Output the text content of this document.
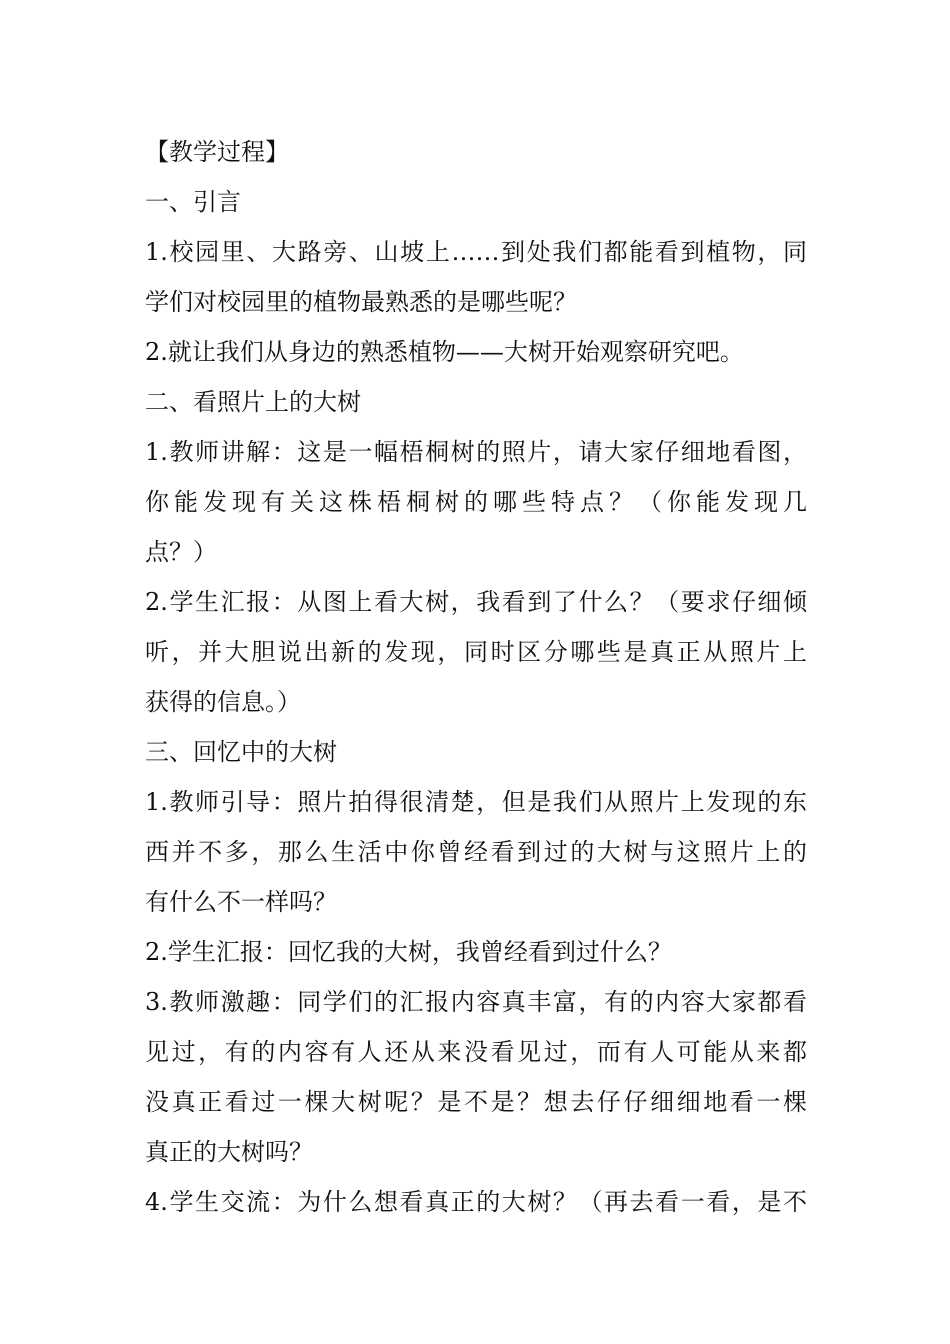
【教学过程】
一、引言
1.校园里、大路旁、山坡上……到处我们都能看到植物，同
学们对校园里的植物最熟悉的是哪些呢？
2.就让我们从身边的熟悉植物——大树开始观察研究吧。
二、看照片上的大树
1.教师讲解：这是一幅梧桐树的照片，请大家仔细地看图，
你能发现有关这株梧桐树的哪些特点？（你能发现几
点？）
2.学生汇报：从图上看大树，我看到了什么？（要求仔细倾
听，并大胆说出新的发现，同时区分哪些是真正从照片上
获得的信息。）
三、回忆中的大树
1.教师引导：照片拍得很清楚，但是我们从照片上发现的东
西并不多，那么生活中你曾经看到过的大树与这照片上的
有什么不一样吗？
2.学生汇报：回忆我的大树，我曾经看到过什么？
3.教师激趣：同学们的汇报内容真丰富，有的内容大家都看
见过，有的内容有人还从来没看见过，而有人可能从来都
没真正看过一棵大树呢？是不是？想去仔仔细细地看一棵
真正的大树吗？
4.学生交流：为什么想看真正的大树？（再去看一看，是不
